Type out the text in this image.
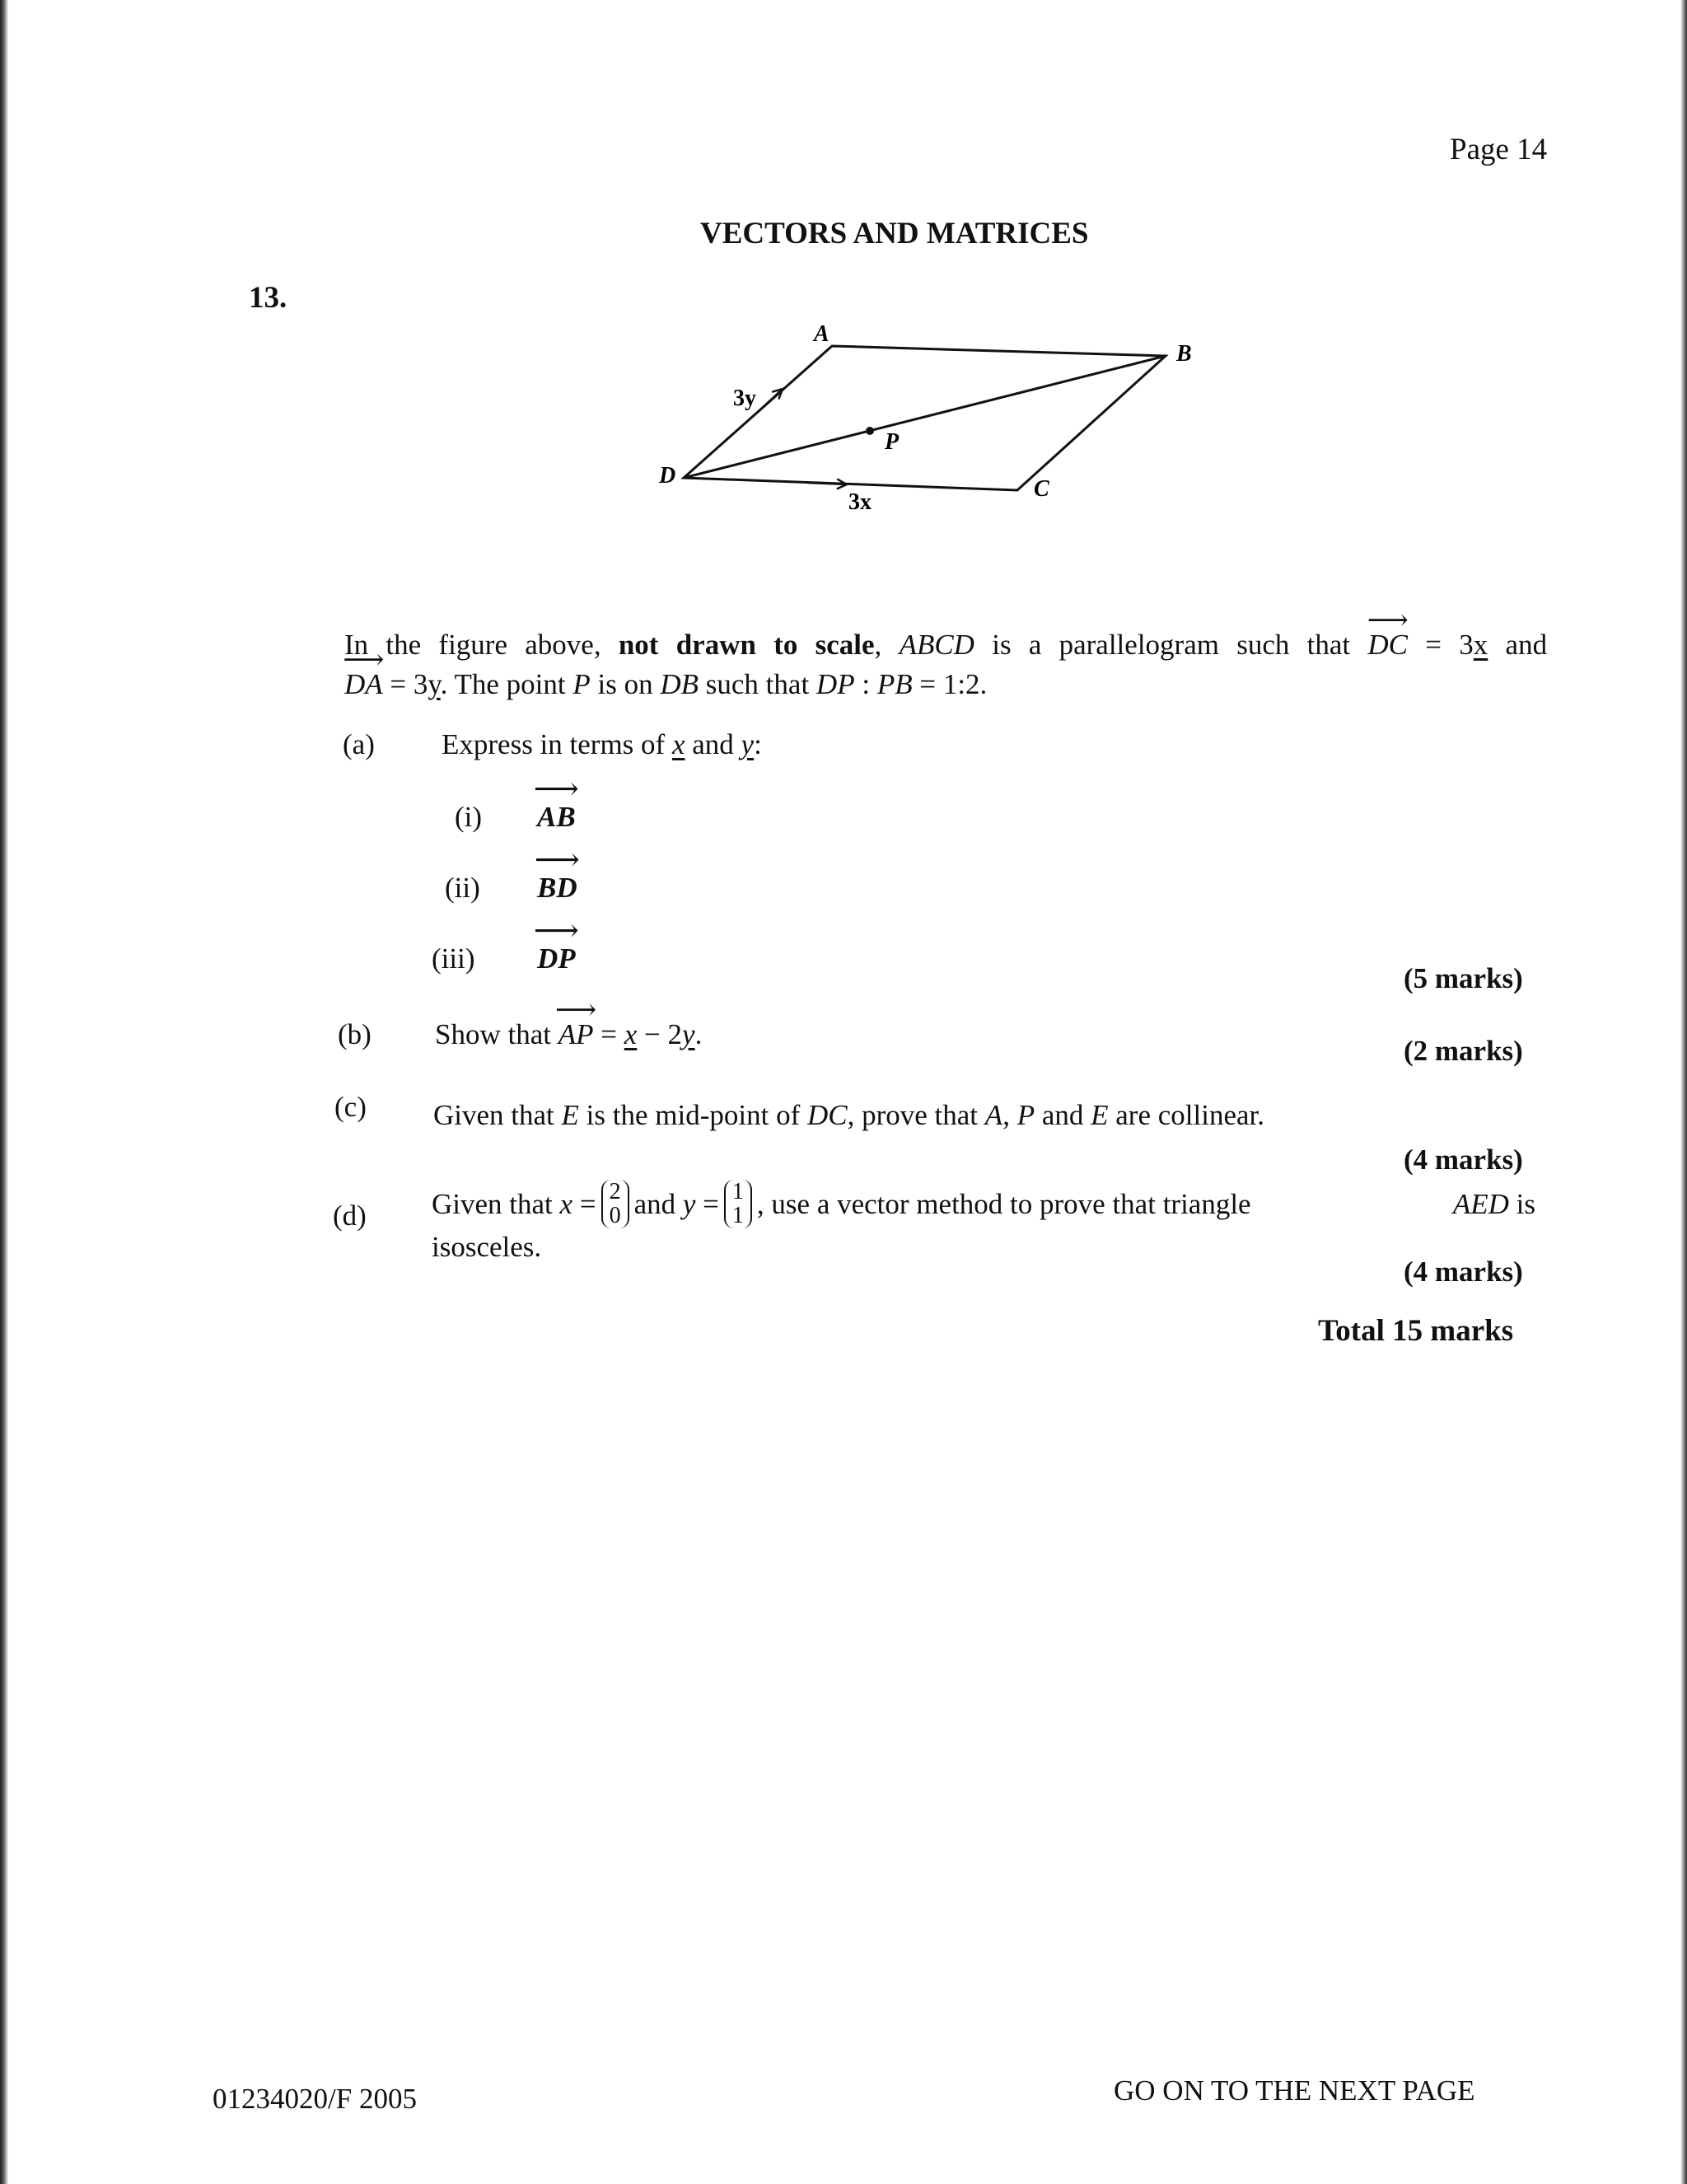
Page 14
VECTORS AND MATRICES
13.
A
B
C
D
P
3y
3x
In the figure above, not drawn to scale, ABCD is a parallelogram such that ⟶ DC = 3x and
⟶ DA = 3y. The point P is on DB such that DP : PB = 1:2.
(a) Express in terms of x and y:
(i) ⟶ AB
(ii) ⟶ BD
(iii) ⟶ DP
(5 marks)
(b) Show that ⟶ AP = x − 2y.
(2 marks)
(c) Given that E is the mid-point of DC, prove that A, P and E are collinear.
(4 marks)
(d) Given that
x
= 2
0 and
y
= 1
1 , use a vector method to prove that triangle	AED is
isosceles.
(4 marks)
Total 15 marks
01234020/F 2005	GO ON TO THE NEXT PAGE
